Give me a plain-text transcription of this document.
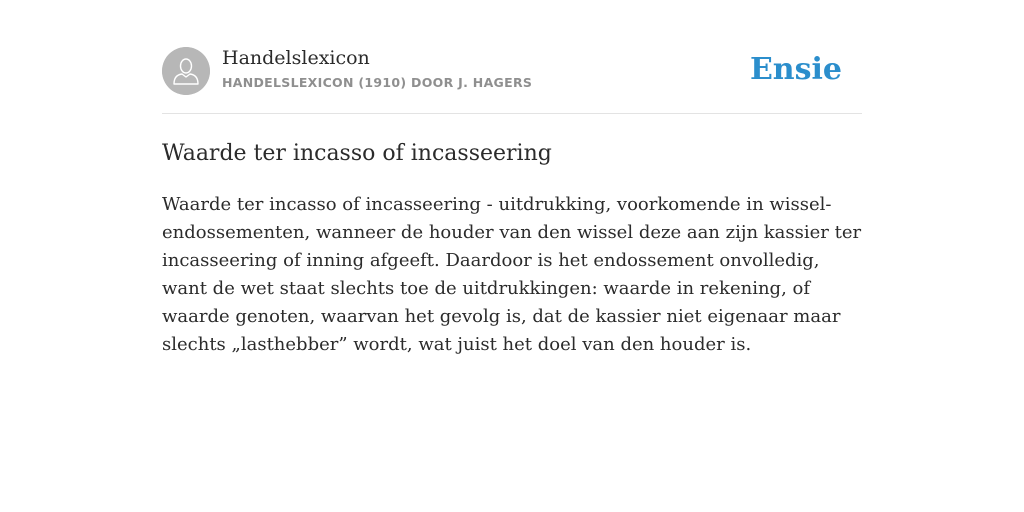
Handelslexicon
HANDELSLEXICON (1910) DOOR J. HAGERS	Ensie
Waarde ter incasso of incasseering

Waarde ter incasso of incasseering - uitdrukking, voorkomende in wissel-endossementen, wanneer de houder van den wissel deze aan zijn kassier ter incasseering of inning afgeeft. Daardoor is het endossement onvolledig, want de wet staat slechts toe de uitdrukkingen: waarde in rekening, of waarde genoten, waarvan het gevolg is, dat de kassier niet eigenaar maar slechts „lasthebber” wordt, wat juist het doel van den houder is.
